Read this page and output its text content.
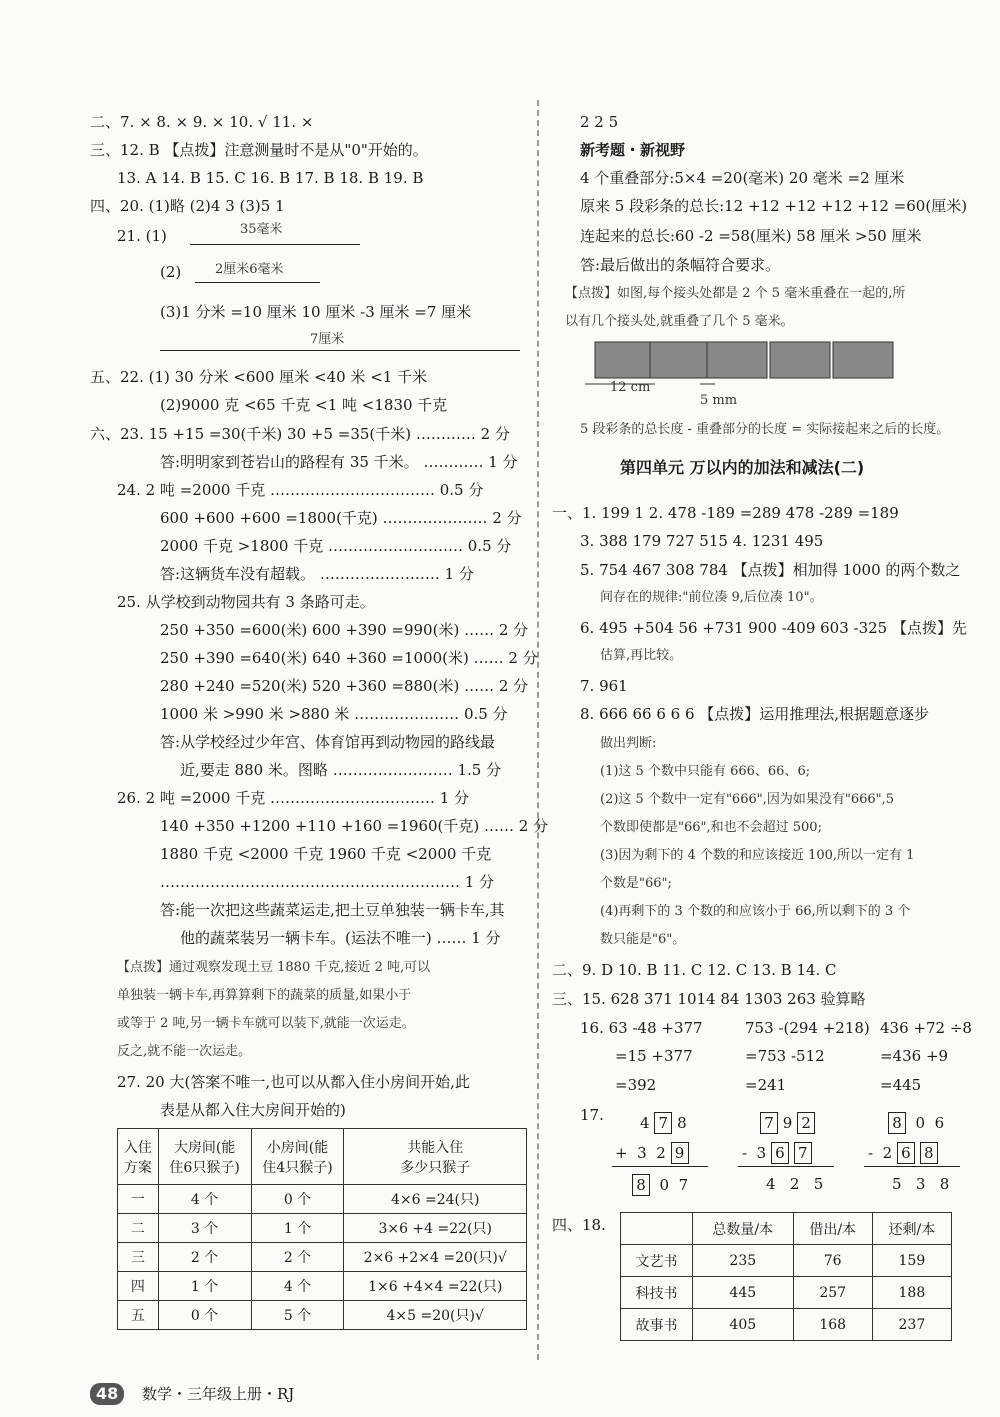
二、7. × 8. × 9. × 10. √ 11. ×
三、12. B 【点拨】注意测量时不是从"0"开始的。
13. A 14. B 15. C 16. B 17. B 18. B 19. B
四、20. (1)略 (2)4 3 (3)5 1
21. (1)	35毫米
(2)	2厘米6毫米
(3)1 分米 =10 厘米 10 厘米 -3 厘米 =7 厘米
7厘米
五、22. (1) 30 分米 <600 厘米 <40 米 <1 千米
(2)9000 克 <65 千克 <1 吨 <1830 千克
六、23. 15 +15 =30(千米) 30 +5 =35(千米) ………… 2 分
答:明明家到苍岩山的路程有 35 千米。 ………… 1 分
24. 2 吨 =2000 千克 …………………………… 0.5 分
600 +600 +600 =1800(千克) ………………… 2 分
2000 千克 >1800 千克 ……………………… 0.5 分
答:这辆货车没有超载。 …………………… 1 分
25. 从学校到动物园共有 3 条路可走。
250 +350 =600(米) 600 +390 =990(米) …… 2 分
250 +390 =640(米) 640 +360 =1000(米) …… 2 分
280 +240 =520(米) 520 +360 =880(米) …… 2 分
1000 米 >990 米 >880 米 ………………… 0.5 分
答:从学校经过少年宫、体育馆再到动物园的路线最
近,要走 880 米。图略 …………………… 1.5 分
26. 2 吨 =2000 千克 …………………………… 1 分
140 +350 +1200 +110 +160 =1960(千克) …… 2 分
1880 千克 <2000 千克 1960 千克 <2000 千克
…………………………………………………… 1 分
答:能一次把这些蔬菜运走,把土豆单独装一辆卡车,其
他的蔬菜装另一辆卡车。(运法不唯一) …… 1 分
【点拨】通过观察发现土豆 1880 千克,接近 2 吨,可以
单独装一辆卡车,再算算剩下的蔬菜的质量,如果小于
或等于 2 吨,另一辆卡车就可以装下,就能一次运走。
反之,就不能一次运走。
27. 20 大(答案不唯一,也可以从都入住小房间开始,此
表是从都入住大房间开始的)
入住
方案	大房间(能
住6只猴子)	小房间(能
住4只猴子)	共能入住
多少只猴子
一	4 个	0 个	4×6 =24(只)
二	3 个	1 个	3×6 +4 =22(只)
三	2 个	2 个	2×6 +2×4 =20(只)√
四	1 个	4 个	1×6 +4×4 =22(只)
五	0 个	5 个	4×5 =20(只)√
2 2 5
新考题・新视野
4 个重叠部分:5×4 =20(毫米) 20 毫米 =2 厘米
原来 5 段彩条的总长:12 +12 +12 +12 +12 =60(厘米)
连起来的总长:60 -2 =58(厘米) 58 厘米 >50 厘米
答:最后做出的条幅符合要求。
【点拨】如图,每个接头处都是 2 个 5 毫米重叠在一起的,所
以有几个接头处,就重叠了几个 5 毫米。
12 cm
5 mm
5 段彩条的总长度 - 重叠部分的长度 = 实际接起来之后的长度。
第四单元 万以内的加法和减法(二)
一、1. 199 1 2. 478 -189 =289 478 -289 =189
3. 388 179 727 515 4. 1231 495
5. 754 467 308 784 【点拨】相加得 1000 的两个数之
间存在的规律:"前位凑 9,后位凑 10"。
6. 495 +504 56 +731 900 -409 603 -325 【点拨】先
估算,再比较。
7. 961
8. 666 66 6 6 6 【点拨】运用推理法,根据题意逐步
做出判断:
(1)这 5 个数中只能有 666、66、6;
(2)这 5 个数中一定有"666",因为如果没有"666",5
个数即使都是"66",和也不会超过 500;
(3)因为剩下的 4 个数的和应该接近 100,所以一定有 1
个数是"66";
(4)再剩下的 3 个数的和应该小于 66,所以剩下的 3 个
数只能是"6"。
二、9. D 10. B 11. C 12. C 13. B 14. C
三、15. 628 371 1014 84 1303 263 验算略
16. 63 -48 +377	753 -(294 +218) 436 +72 ÷8
=15 +377	=753 -512	=436 +9
=392	=241	=445
17. 4 7 8
+ 3 2 9
8 0 7
7 9 2
- 3 6 7
4 2 5
8 0 6
- 2 6 8
5 3 8
四、18.
		总数量/本	借出/本	还剩/本
文艺书	235	76	159
科技书	445	257	188
故事书	405	168	237
48	数学・三年级上册・RJ
